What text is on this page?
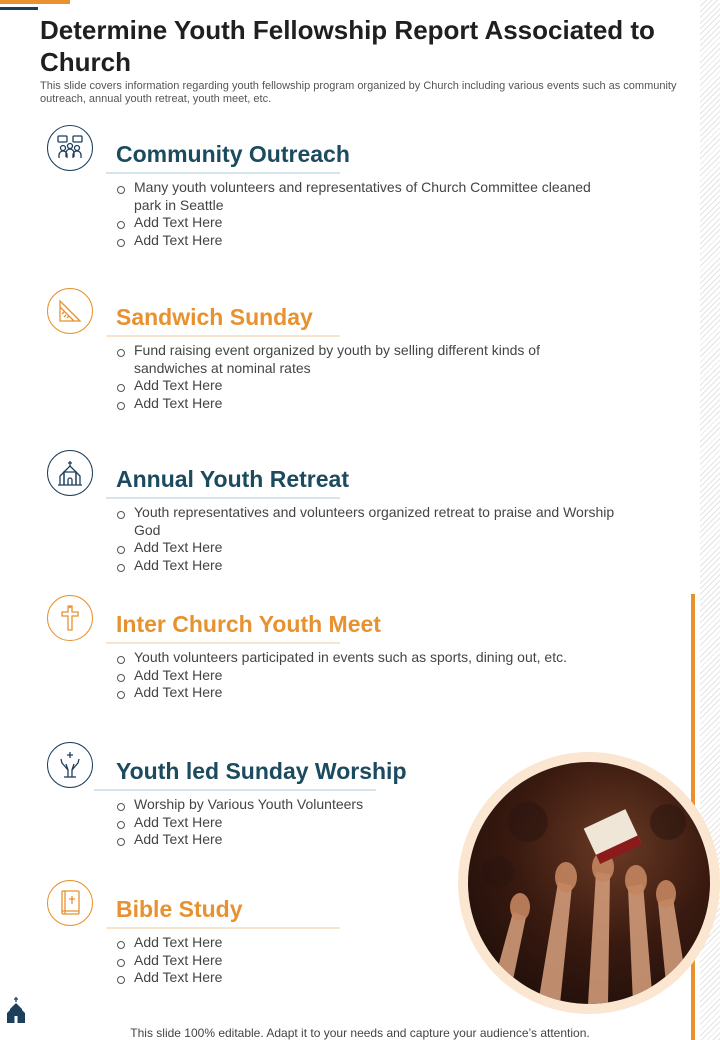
Determine Youth Fellowship Report Associated to Church

This slide covers information regarding youth fellowship program organized by Church including various events such as community outreach, annual youth retreat, youth meet, etc.

Community Outreach
Many youth volunteers and representatives of Church Committee cleaned park in Seattle
Add Text Here
Add Text Here
Sandwich Sunday
Fund raising event organized by youth by selling different kinds of sandwiches at nominal rates
Add Text Here
Add Text Here
Annual Youth Retreat
Youth representatives and volunteers organized retreat to praise and Worship God
Add Text Here
Add Text Here
Inter Church Youth Meet
Youth volunteers participated in events such as sports, dining out, etc.
Add Text Here
Add Text Here
Youth led Sunday Worship
Worship by Various Youth Volunteers
Add Text Here
Add Text Here
Bible Study
Add Text Here
Add Text Here
Add Text Here

This slide 100% editable. Adapt it to your needs and capture your audience’s attention.
